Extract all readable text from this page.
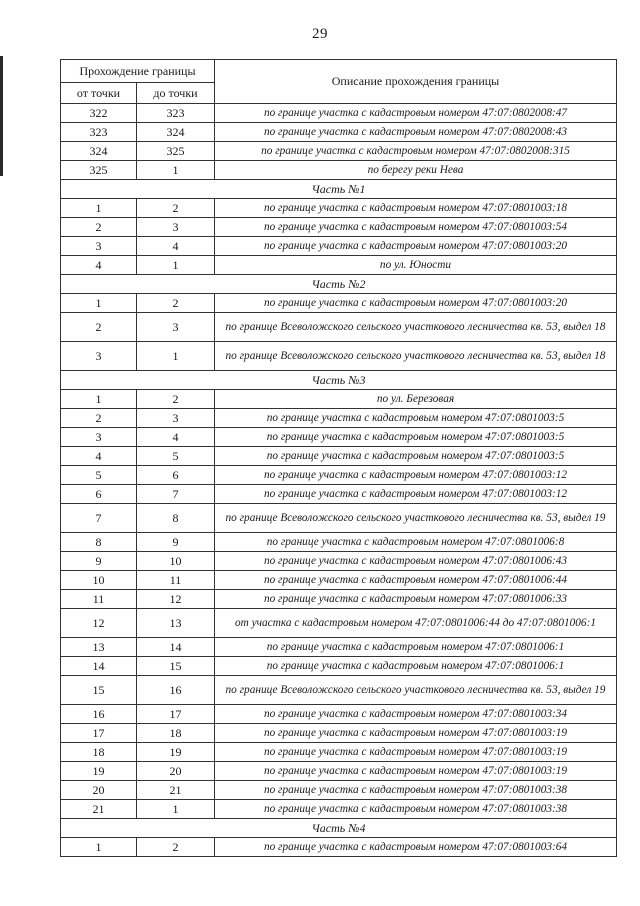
29
Прохождение границы		Описание прохождения границы
от точки	до точки	
322	323	по границе участка с кадастровым номером 47:07:0802008:47
323	324	по границе участка с кадастровым номером 47:07:0802008:43
324	325	по границе участка с кадастровым номером 47:07:0802008:315
325	1	по берегу реки Нева
Часть №1		
1	2	по границе участка с кадастровым номером 47:07:0801003:18
2	3	по границе участка с кадастровым номером 47:07:0801003:54
3	4	по границе участка с кадастровым номером 47:07:0801003:20
4	1	по ул. Юности
Часть №2		
1	2	по границе участка с кадастровым номером 47:07:0801003:20
2	3	по границе Всеволожского сельского участкового лесничества кв. 53, выдел 18
3	1	по границе Всеволожского сельского участкового лесничества кв. 53, выдел 18
Часть №3		
1	2	по ул. Березовая
2	3	по границе участка с кадастровым номером 47:07:0801003:5
3	4	по границе участка с кадастровым номером 47:07:0801003:5
4	5	по границе участка с кадастровым номером 47:07:0801003:5
5	6	по границе участка с кадастровым номером 47:07:0801003:12
6	7	по границе участка с кадастровым номером 47:07:0801003:12
7	8	по границе Всеволожского сельского участкового лесничества кв. 53, выдел 19
8	9	по границе участка с кадастровым номером 47:07:0801006:8
9	10	по границе участка с кадастровым номером 47:07:0801006:43
10	11	по границе участка с кадастровым номером 47:07:0801006:44
11	12	по границе участка с кадастровым номером 47:07:0801006:33
12	13	от участка с кадастровым номером 47:07:0801006:44 до 47:07:0801006:1
13	14	по границе участка с кадастровым номером 47:07:0801006:1
14	15	по границе участка с кадастровым номером 47:07:0801006:1
15	16	по границе Всеволожского сельского участкового лесничества кв. 53, выдел 19
16	17	по границе участка с кадастровым номером 47:07:0801003:34
17	18	по границе участка с кадастровым номером 47:07:0801003:19
18	19	по границе участка с кадастровым номером 47:07:0801003:19
19	20	по границе участка с кадастровым номером 47:07:0801003:19
20	21	по границе участка с кадастровым номером 47:07:0801003:38
21	1	по границе участка с кадастровым номером 47:07:0801003:38
Часть №4		
1	2	по границе участка с кадастровым номером 47:07:0801003:64
